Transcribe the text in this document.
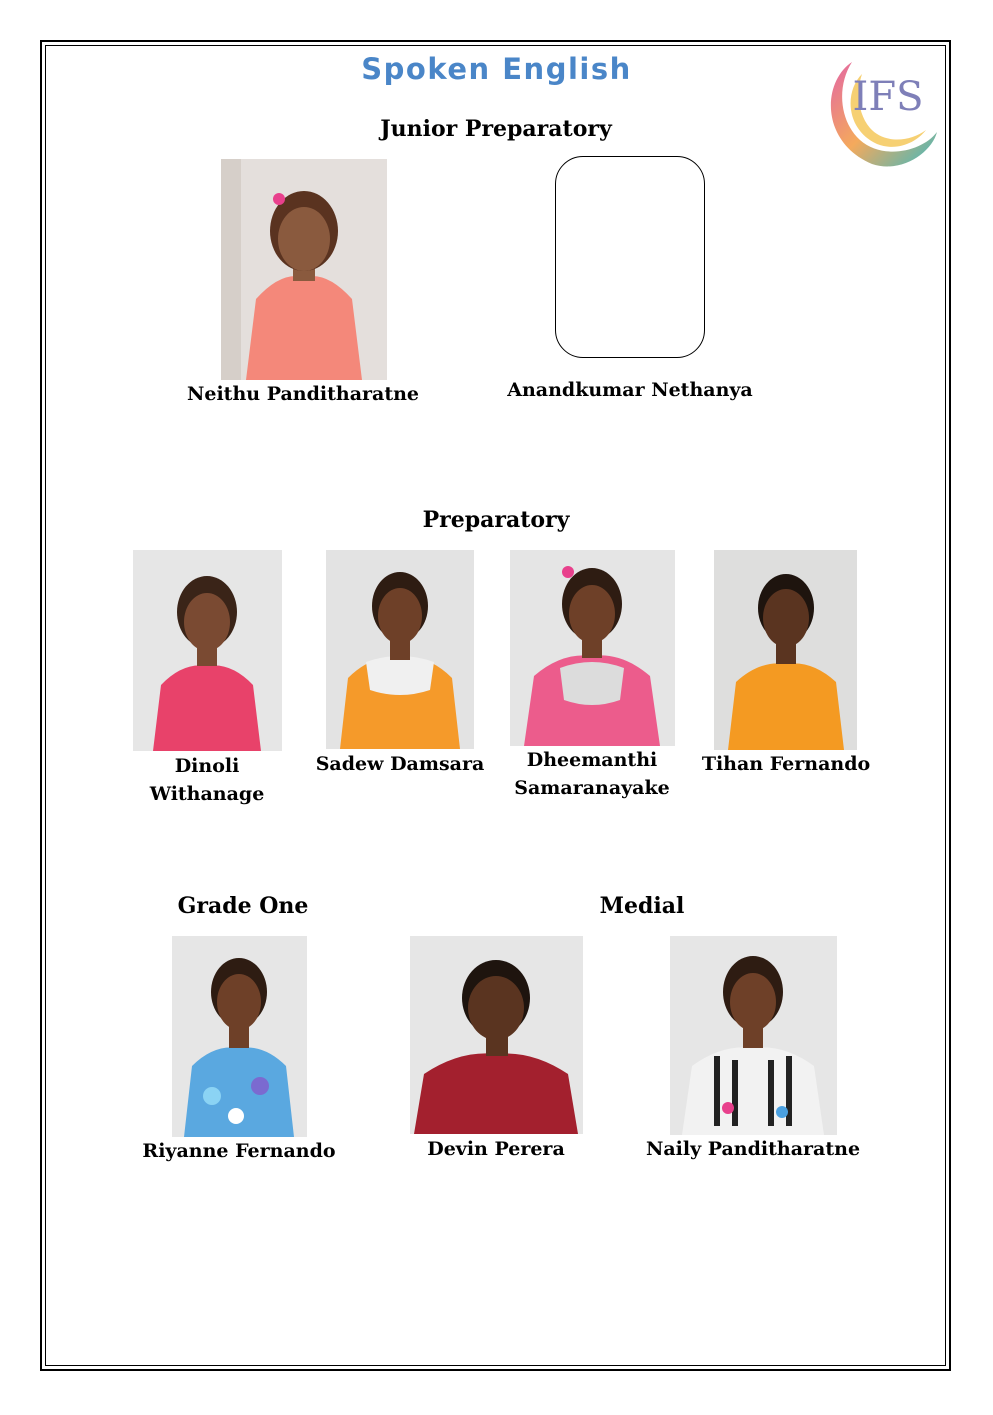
Spoken English
IFS
Junior Preparatory
Neithu Panditharatne	Anandkumar Nethanya
Preparatory
Dinoli
Withanage
Sadew Damsara	Dheemanthi
Samaranayake
Tihan Fernando
Grade One
Riyanne Fernando
Medial
Devin Perera	Naily Panditharatne
